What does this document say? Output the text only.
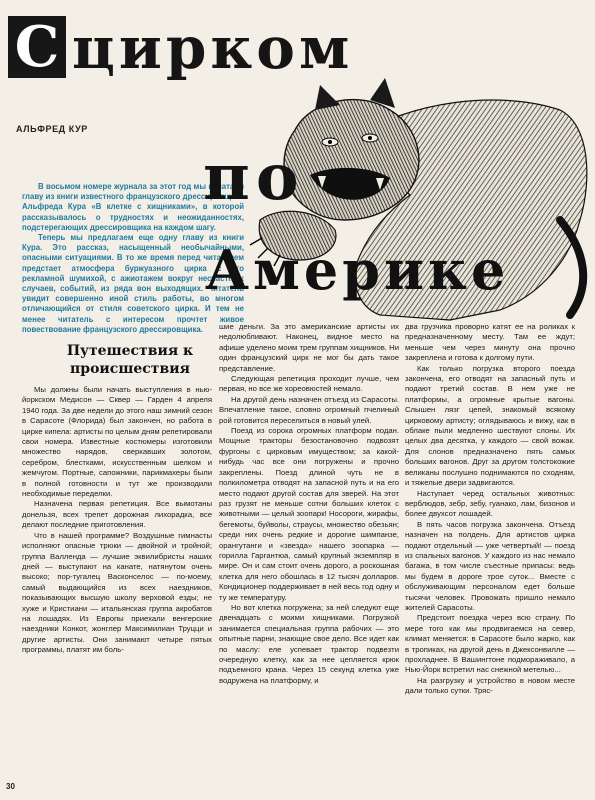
С цирком
по
Америке
АЛЬФРЕД КУР

В восьмом номере журнала за этот год мы печатали главу из книги известного французского дрессировщика Альфреда Кура «В клетке с хищниками», в которой рассказывалось о трудностях и неожиданностях, подстерегающих дрессировщика на каждом шагу.

Теперь мы предлагаем еще одну главу из книги Кура. Это рассказ, насыщенный необычайными, опасными ситуациями. В то же время перед читателем предстает атмосфера буржуазного цирка с его рекламной шумихой, с ажиотажем вокруг несчастных случаев, событий, из ряда вон выходящих. Читатель увидит совершенно иной стиль работы, во многом отличающийся от стиля советского цирка. И тем не менее читатель с интересом прочтет живое повествование французского дрессировщика.

Путешествия к происшествия

Мы должны были начать выступления в нью-йоркском Медисон — Сквер — Гарден 4 апреля 1940 года. За две недели до этого наш зимний сезон в Сарасоте (Флорида) был закончен, но работа в цирке кипела: артисты по целым дням репетировали свои номера. Известные костюмеры изготовили множество нарядов, сверкавших золотом, серебром, блестками, искусственным шелком и жемчугом. Портные, сапожники, парикмахеры были в полной готовности и тут же производили необходимые переделки.

Назначена первая репетиция. Все вымотаны донельзя, всех трепет дорожная лихорадка, все делают последние приготовления.

Что в нашей программе? Воздушные гимнасты исполняют опасные трюки — двойной и тройной; группа Валленда — лучшие эквилибристы наших дней — выступают на канате, натянутом очень высоко; пор-тугалец Васконселос — по-моему, самый выдающийся из всех наездников, показывающих высшую школу верховой езды; не хуже и Кристиани — итальянская группа акробатов на лошадях. Из Европы приехали венгерские наездники Конкот, жонглер Максимилиан Труцци и другие артисты. Они занимают четыре пятых программы, платят им боль-

шие деньги. За это американские артисты их недолюбливают. Наконец, видное место на афише уделено моим трем группам хищников. Ни один французский цирк не мог бы дать такое представление.

Следующая репетиция проходит лучше, чем первая, но все же хореовюстей немало.

На другой день назначен отъезд из Сарасоты. Впечатление такое, словно огромный пчелиный рой готовится переселиться в новый улей.

Поезд из сорока огромных платформ подан. Мощные тракторы безостановочно подвозят фургоны с цирковым имуществом; за какой-нибудь час все они погружены и прочно закреплены. Поезд длиной чуть не в полкилометра отводят на запасной путь и на его место подают другой состав для зверей. На этот раз грузят не меньше сотни больших клеток с животными — целый зоопарк! Носороги, жирафы, бегемоты, буйволы, страусы, множество обезьян; среди них очень редкие и дорогие шимпанзе, орангутанги и «звезда» нашего зоопарка — горилла Гаргантюа, самый крупный экземпляр в мире. Он и сам стоит очень дорого, а роскошная клетка для него обошлась в 12 тысяч долларов. Кондиционер поддерживает в ней весь год одну и ту же температуру.

Но вот клетка погружена; за ней следуют еще двенадцать с моими хищниками. Погрузкой занимается специальная группа рабочих — это опытные парни, знающие свое дело. Все идет как по маслу: еле успевает трактор подвезти очередную клетку, как за нее цепляется крюк подъемного крана. Через 15 секунд клетка уже водружена на платформу, и

два грузчика проворно катят ее на роликах к предназначенному месту. Там ее ждут; меньше чем через минуту она прочно закреплена и готова к долгому пути.

Как только погрузка второго поезда закончена, его отводят на запасный путь и подают третий состав. В нем уже не платформы, а огромные крытые вагоны. Слышен лязг цепей, знакомый всякому цирковому артисту; оглядываюсь и вижу, как в облаке пыли медленно шествуют слоны. Их целых два десятка, у каждого — свой вожак. Для слонов предназначено пять самых больших вагонов. Друг за другом толстокожие великаны послушно поднимаются по сходням, и тяжелые двери задвигаются.

Наступает черед остальных животных: верблюдов, зебр, зебу, гуанако, лам, бизонов и более двухсот лошадей.

В пять часов погрузка закончена. Отъезд назначен на полдень. Для артистов цирка подают отдельный — уже четвертый! — поезд из спальных вагонов. У каждого из нас немало багажа, в том числе съестные припасы: ведь мы будем в дороге трое суток... Вместе с обслуживающим персоналом едет больше тысячи человек. Провожать пришло немало жителей Сарасоты.

Предстоит поездка через всю страну. По мере того как мы продвигаемся на север, климат меняется: в Сарасоте было жарко, как в тропиках, на другой день в Джексонвилле — прохладнее. В Вашингтоне подмораживало, а Нью-Йорк встретил нас снежной метелью...

На разгрузку и устройство в новом месте дали только сутки. Тряс-

30
